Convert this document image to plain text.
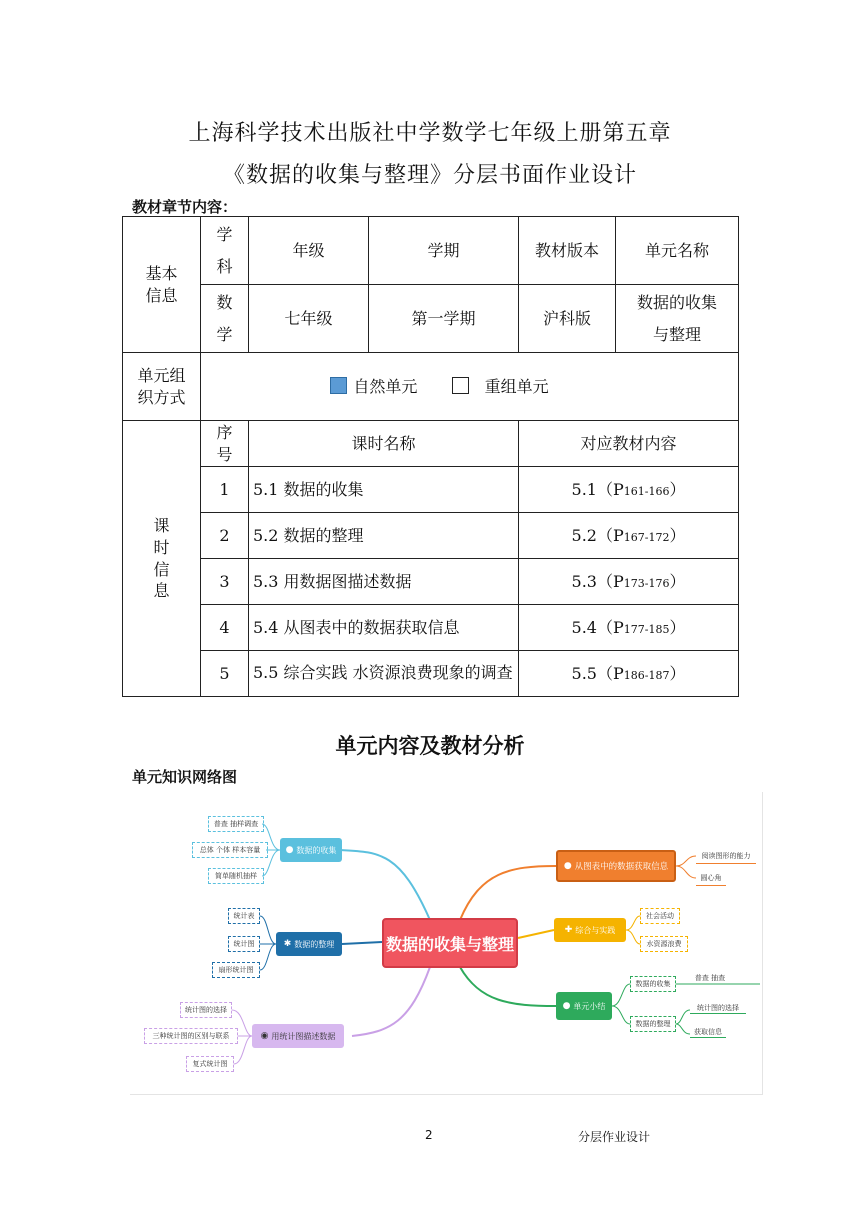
上海科学技术出版社中学数学七年级上册第五章
《数据的收集与整理》分层书面作业设计
教材章节内容：
基本信息	学科	年级	学期	教材版本	单元名称
	数学	七年级	第一学期	沪科版	数据的收集与整理
单元组织方式	自然单元 重组单元				
课时信息	序号	课时名称		对应教材内容	
	1	5.1 数据的收集		5.1（P161-166）	
	2	5.2 数据的整理		5.2（P167-172）	
	3	5.3 用数据图描述数据		5.3（P173-176）	
	4	5.4 从图表中的数据获取信息		5.4（P177-185）	
	5	5.5 综合实践 水资源浪费现象的调查		5.5（P186-187）	
单元内容及教材分析
单元知识网络图
数据的收集与整理
● 数据的收集
普查 抽样调查
总体 个体 样本容量
简单随机抽样
✱ 数据的整理
统计表
统计图
扇形统计图
◉ 用统计图描述数据
统计图的选择
三种统计图的区别与联系
复式统计图
● 从图表中的数据获取信息
阅读图形的能力
圆心角
✚ 综合与实践
社会活动
水资源浪费
● 单元小结
数据的收集
数据的整理
普查 抽查
统计图的选择
获取信息
2	分层作业设计
